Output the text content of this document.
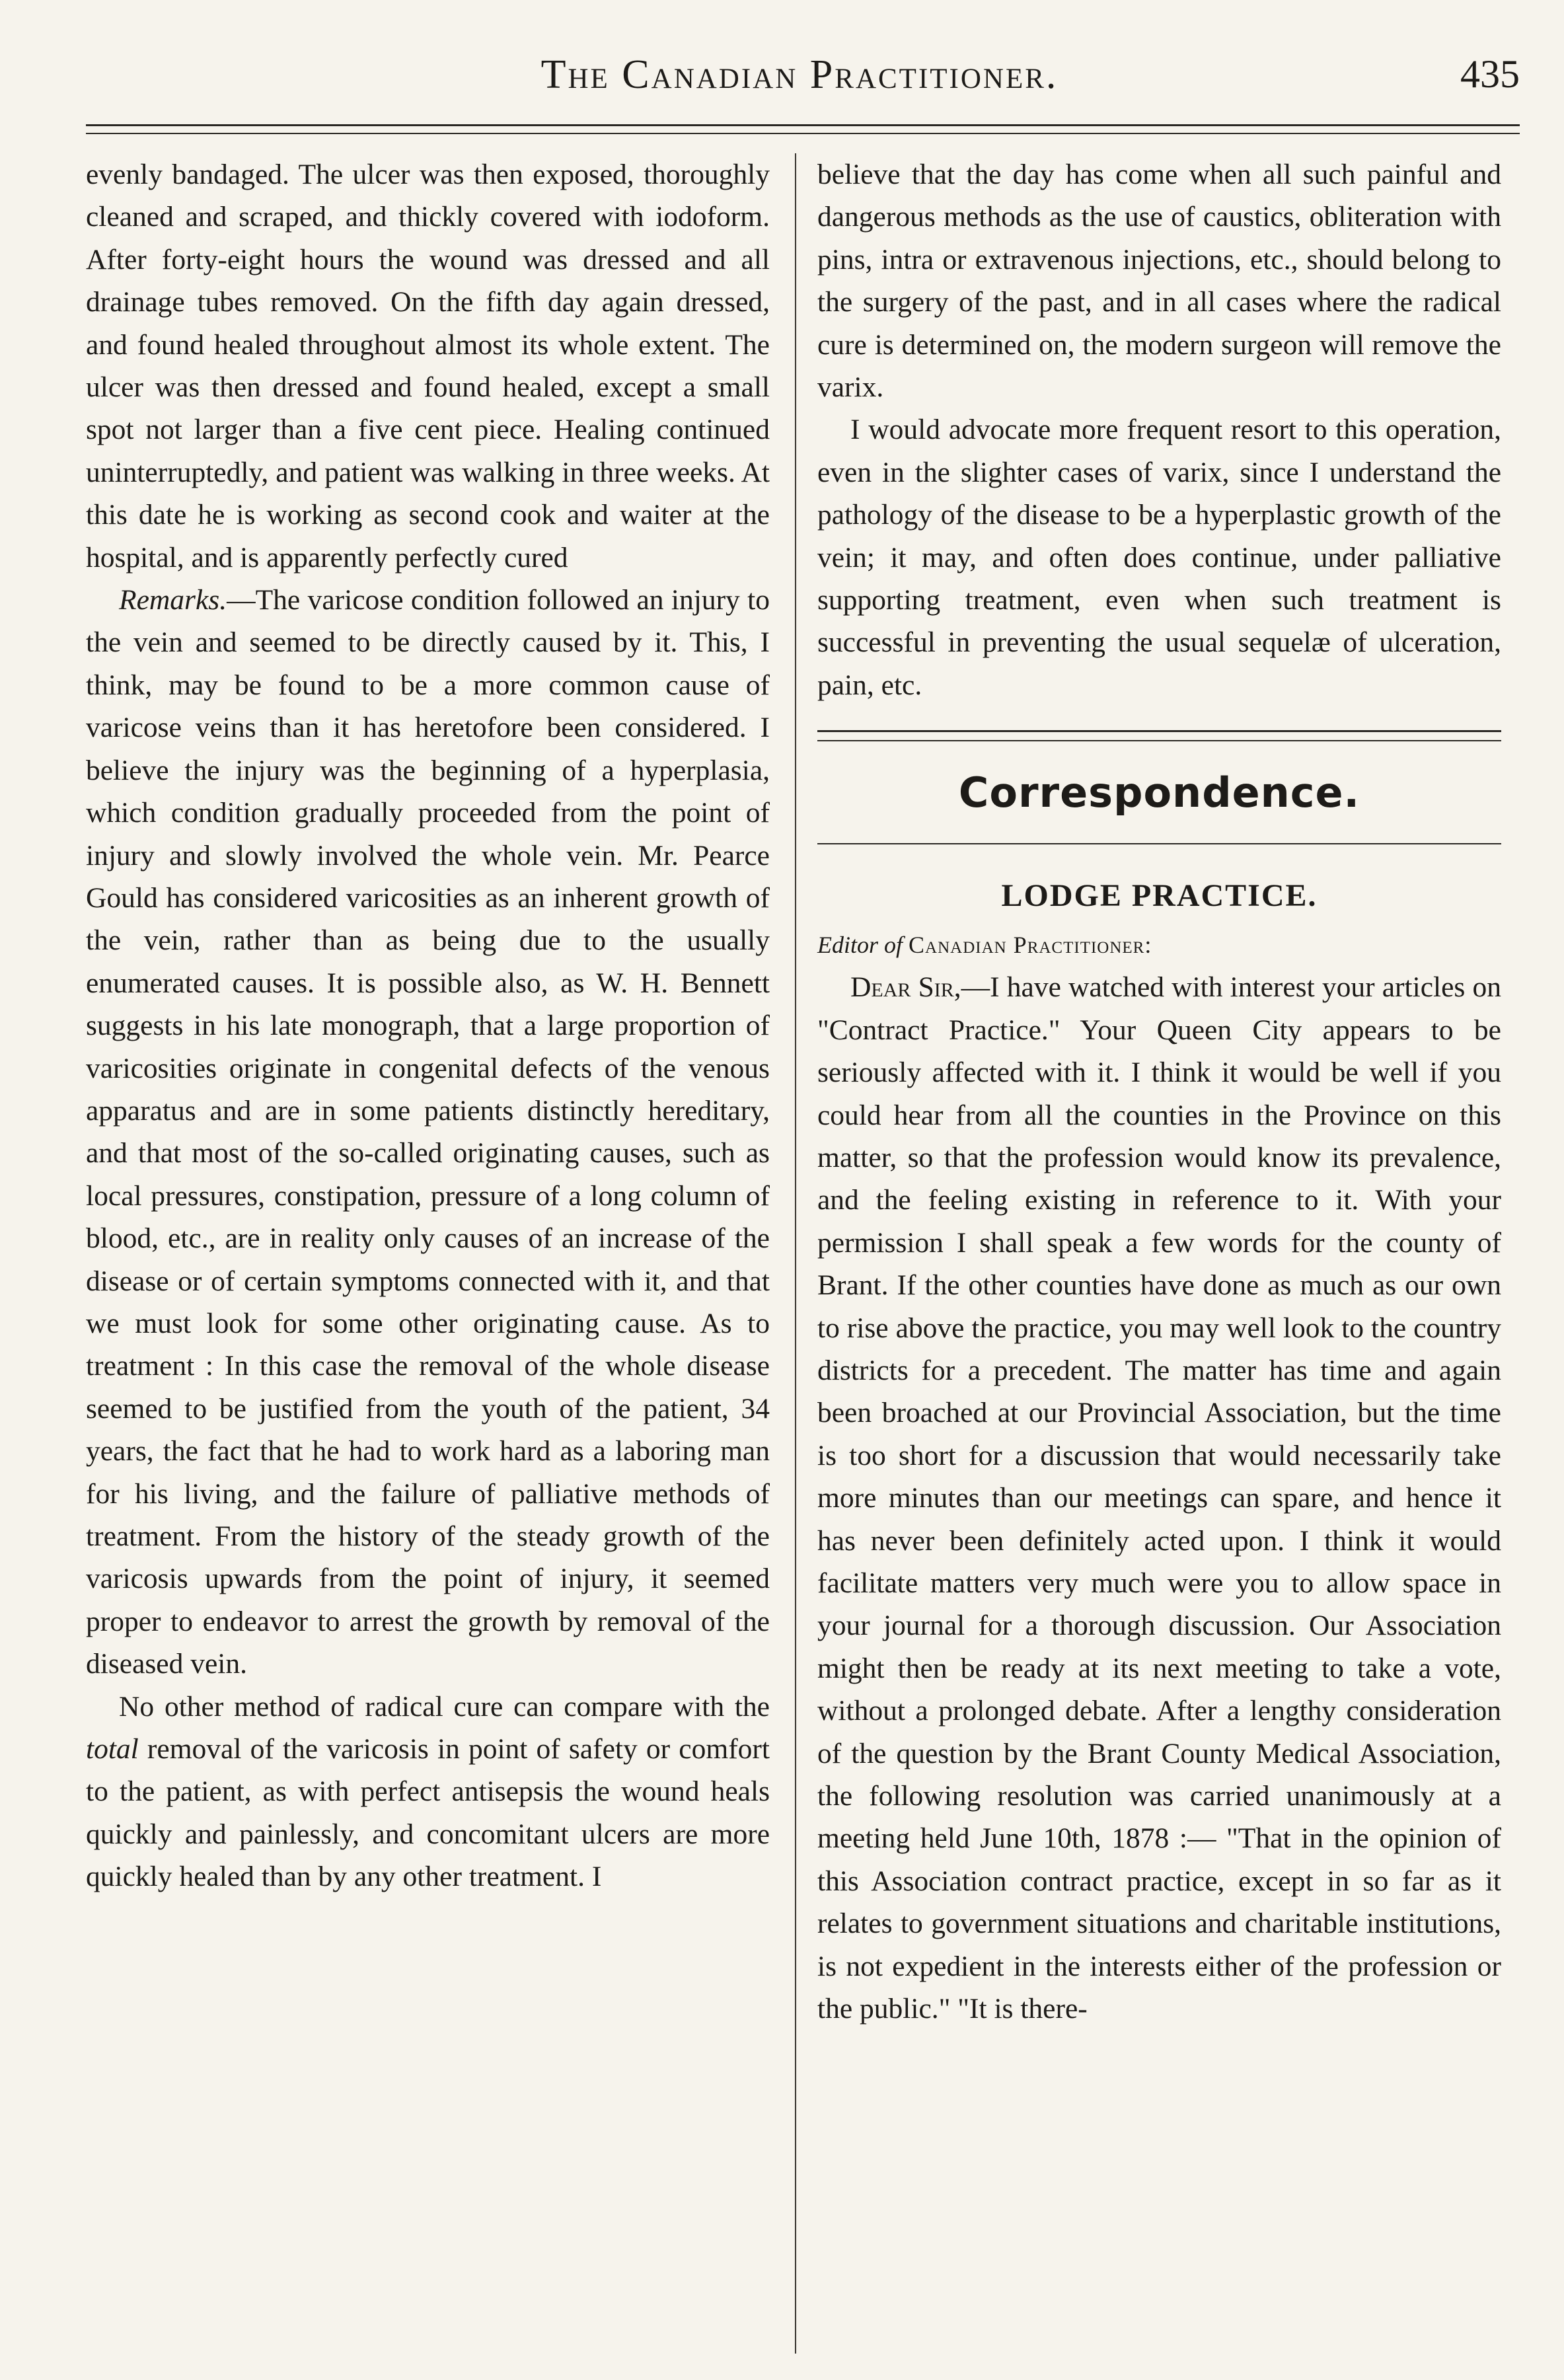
The Canadian Practitioner.	435

evenly bandaged. The ulcer was then exposed, thoroughly cleaned and scraped, and thickly covered with iodoform. After forty-eight hours the wound was dressed and all drainage tubes removed. On the fifth day again dressed, and found healed throughout almost its whole extent. The ulcer was then dressed and found healed, except a small spot not larger than a five cent piece. Healing continued uninterruptedly, and patient was walking in three weeks. At this date he is working as second cook and waiter at the hospital, and is apparently perfectly cured

Remarks.—The varicose condition followed an injury to the vein and seemed to be directly caused by it. This, I think, may be found to be a more common cause of varicose veins than it has heretofore been considered. I believe the injury was the beginning of a hyperplasia, which condition gradually proceeded from the point of injury and slowly involved the whole vein. Mr. Pearce Gould has considered varicosities as an inherent growth of the vein, rather than as being due to the usually enumerated causes. It is possible also, as W. H. Bennett suggests in his late monograph, that a large proportion of varicosities originate in congenital defects of the venous apparatus and are in some patients distinctly hereditary, and that most of the so-called originating causes, such as local pressures, constipation, pressure of a long column of blood, etc., are in reality only causes of an increase of the disease or of certain symptoms connected with it, and that we must look for some other originating cause. As to treatment : In this case the removal of the whole disease seemed to be justified from the youth of the patient, 34 years, the fact that he had to work hard as a laboring man for his living, and the failure of palliative methods of treatment. From the history of the steady growth of the varicosis upwards from the point of injury, it seemed proper to endeavor to arrest the growth by removal of the diseased vein.

No other method of radical cure can compare with the total removal of the varicosis in point of safety or comfort to the patient, as with perfect antisepsis the wound heals quickly and painlessly, and concomitant ulcers are more quickly healed than by any other treatment. I

believe that the day has come when all such painful and dangerous methods as the use of caustics, obliteration with pins, intra or extravenous injections, etc., should belong to the surgery of the past, and in all cases where the radical cure is determined on, the modern surgeon will remove the varix.

I would advocate more frequent resort to this operation, even in the slighter cases of varix, since I understand the pathology of the disease to be a hyperplastic growth of the vein; it may, and often does continue, under palliative supporting treatment, even when such treatment is successful in preventing the usual sequelæ of ulceration, pain, etc.

Correspondence.
LODGE PRACTICE.
Editor of Canadian Practitioner:

Dear Sir,—I have watched with interest your articles on "Contract Practice." Your Queen City appears to be seriously affected with it. I think it would be well if you could hear from all the counties in the Province on this matter, so that the profession would know its prevalence, and the feeling existing in reference to it. With your permission I shall speak a few words for the county of Brant. If the other counties have done as much as our own to rise above the practice, you may well look to the country districts for a precedent. The matter has time and again been broached at our Provincial Association, but the time is too short for a discussion that would necessarily take more minutes than our meetings can spare, and hence it has never been definitely acted upon. I think it would facilitate matters very much were you to allow space in your journal for a thorough discussion. Our Association might then be ready at its next meeting to take a vote, without a prolonged debate. After a lengthy consideration of the question by the Brant County Medical Association, the following resolution was carried unanimously at a meeting held June 10th, 1878 :— "That in the opinion of this Association contract practice, except in so far as it relates to government situations and charitable institutions, is not expedient in the interests either of the profession or the public." "It is there-
